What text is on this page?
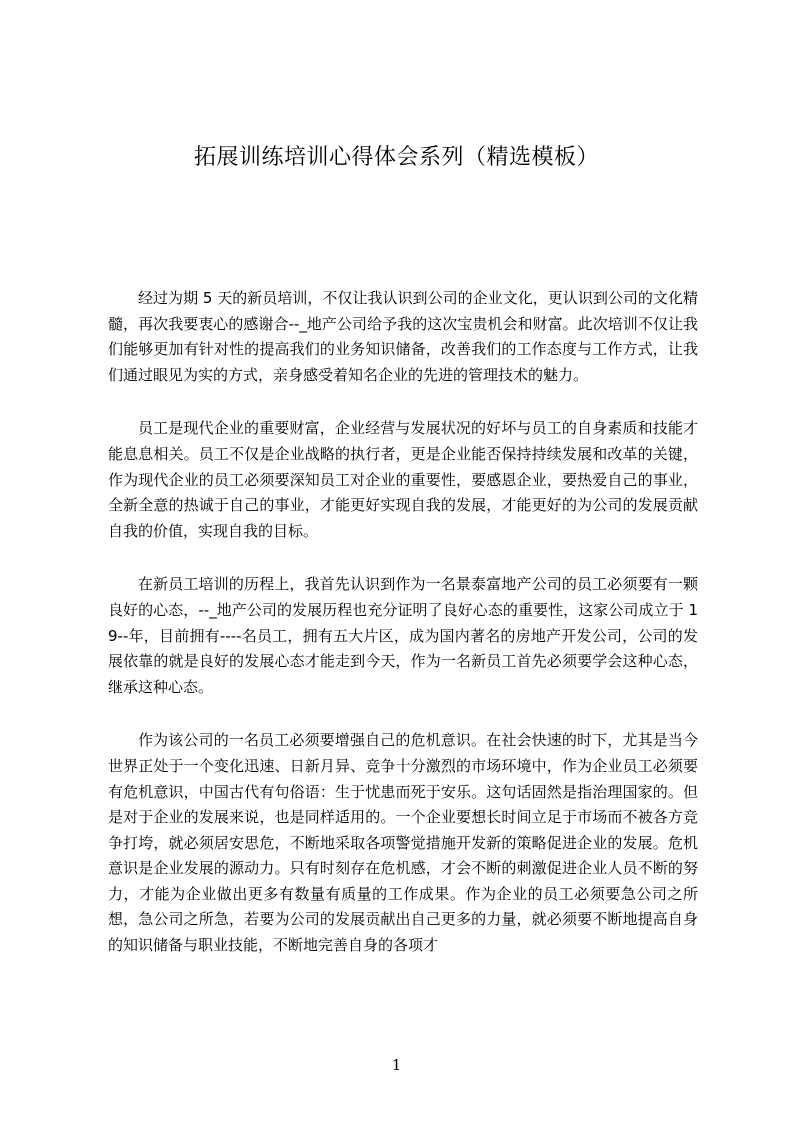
拓展训练培训心得体会系列（精选模板）

经过为期 5 天的新员培训，不仅让我认识到公司的企业文化，更认识到公司的文化精髓，再次我要衷心的感谢合--_地产公司给予我的这次宝贵机会和财富。此次培训不仅让我们能够更加有针对性的提高我们的业务知识储备，改善我们的工作态度与工作方式，让我们通过眼见为实的方式，亲身感受着知名企业的先进的管理技术的魅力。

员工是现代企业的重要财富，企业经营与发展状况的好坏与员工的自身素质和技能才能息息相关。员工不仅是企业战略的执行者，更是企业能否保持持续发展和改革的关键，作为现代企业的员工必须要深知员工对企业的重要性，要感恩企业，要热爱自己的事业，全新全意的热诚于自己的事业，才能更好实现自我的发展，才能更好的为公司的发展贡献自我的价值，实现自我的目标。

在新员工培训的历程上，我首先认识到作为一名景泰富地产公司的员工必须要有一颗良好的心态，--_地产公司的发展历程也充分证明了良好心态的重要性，这家公司成立于 19--年，目前拥有----名员工，拥有五大片区，成为国内著名的房地产开发公司，公司的发展依靠的就是良好的发展心态才能走到今天，作为一名新员工首先必须要学会这种心态，继承这种心态。

作为该公司的一名员工必须要增强自己的危机意识。在社会快速的时下，尤其是当今世界正处于一个变化迅速、日新月异、竞争十分激烈的市场环境中，作为企业员工必须要有危机意识，中国古代有句俗语：生于忧患而死于安乐。这句话固然是指治理国家的。但是对于企业的发展来说，也是同样适用的。一个企业要想长时间立足于市场而不被各方竞争打垮，就必须居安思危，不断地采取各项警觉措施开发新的策略促进企业的发展。危机意识是企业发展的源动力。只有时刻存在危机感，才会不断的刺激促进企业人员不断的努力，才能为企业做出更多有数量有质量的工作成果。作为企业的员工必须要急公司之所想，急公司之所急，若要为公司的发展贡献出自己更多的力量，就必须要不断地提高自身的知识储备与职业技能，不断地完善自身的各项才

1
